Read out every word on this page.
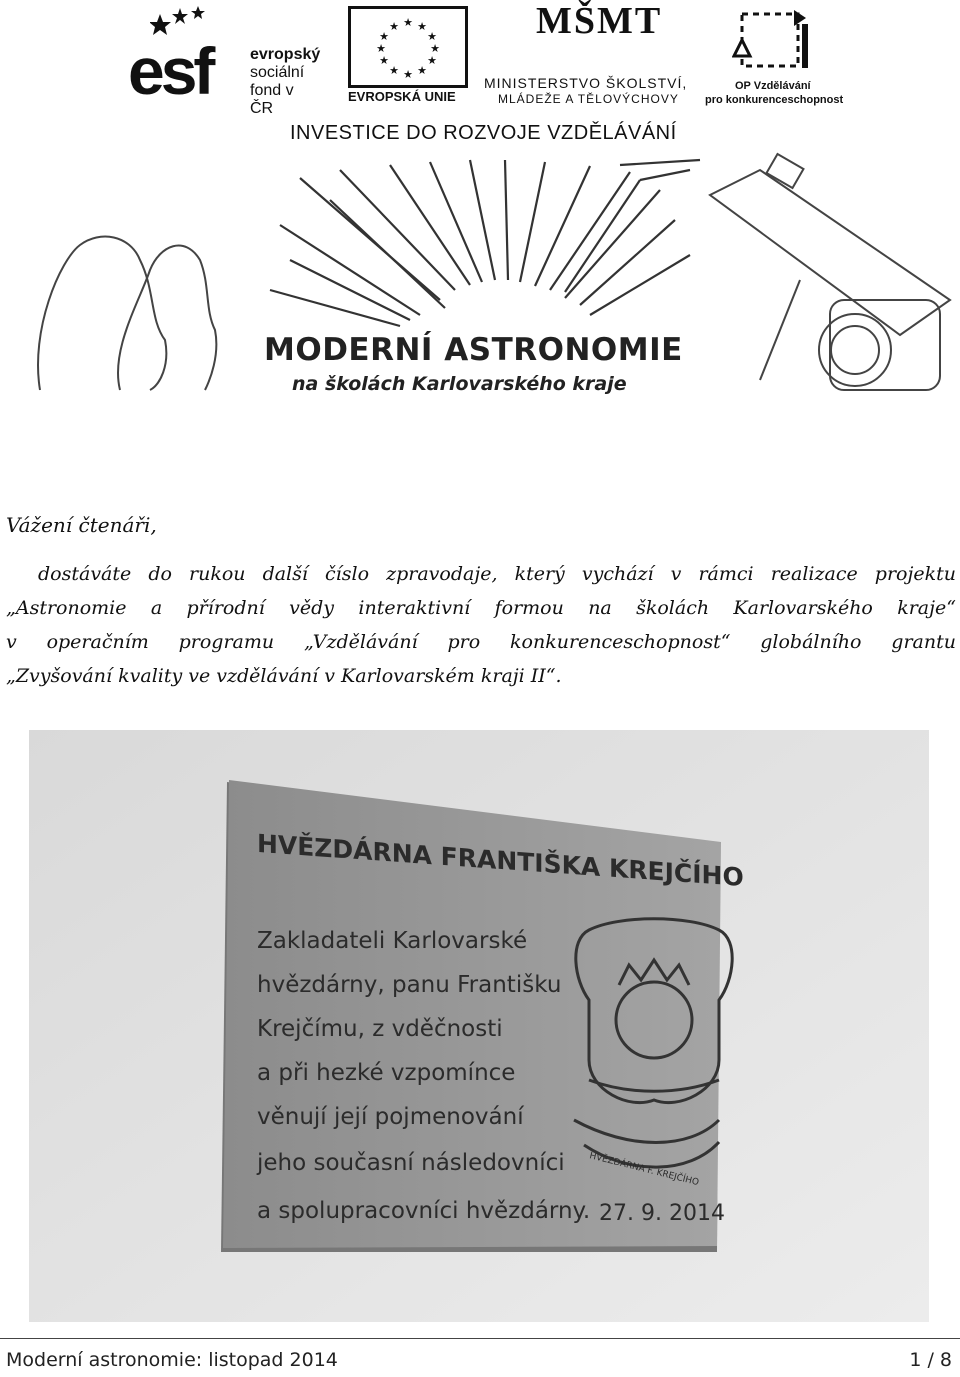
esf evropský
sociální
fond v ČR
★ ★
★
★
★
★
★
★
★
★
★
★
EVROPSKÁ UNIE
MŠMT
MINISTERSTVO ŠKOLSTVÍ,
MLÁDEŽE A TĚLOVÝCHOVY
OP Vzdělávání
pro konkurenceschopnost
INVESTICE DO ROZVOJE VZDĚLÁVÁNÍ
MODERNÍ ASTRONOMIE
na školách Karlovarského kraje
Vážení čtenáři,
dostáváte do rukou další číslo zpravodaje, který vychází v rámci realizace projektu
„Astronomie a přírodní vědy interaktivní formou na školách Karlovarského kraje“
v operačním programu „Vzdělávání pro konkurenceschopnost“ globálního grantu
„Zvyšování kvality ve vzdělávání v Karlovarském kraji II“.
HVĚZDÁRNA FRANTIŠKA KREJČÍHO
Zakladateli Karlovarské
hvězdárny, panu Františku
Krejčímu, z vděčnosti
a při hezké vzpomínce
věnují její pojmenování
jeho současní následovníci
a spolupracovníci hvězdárny.
HVĚZDÁRNA F. KREJČÍHO
27. 9. 2014
Moderní astronomie: listopad 2014	1 / 8
